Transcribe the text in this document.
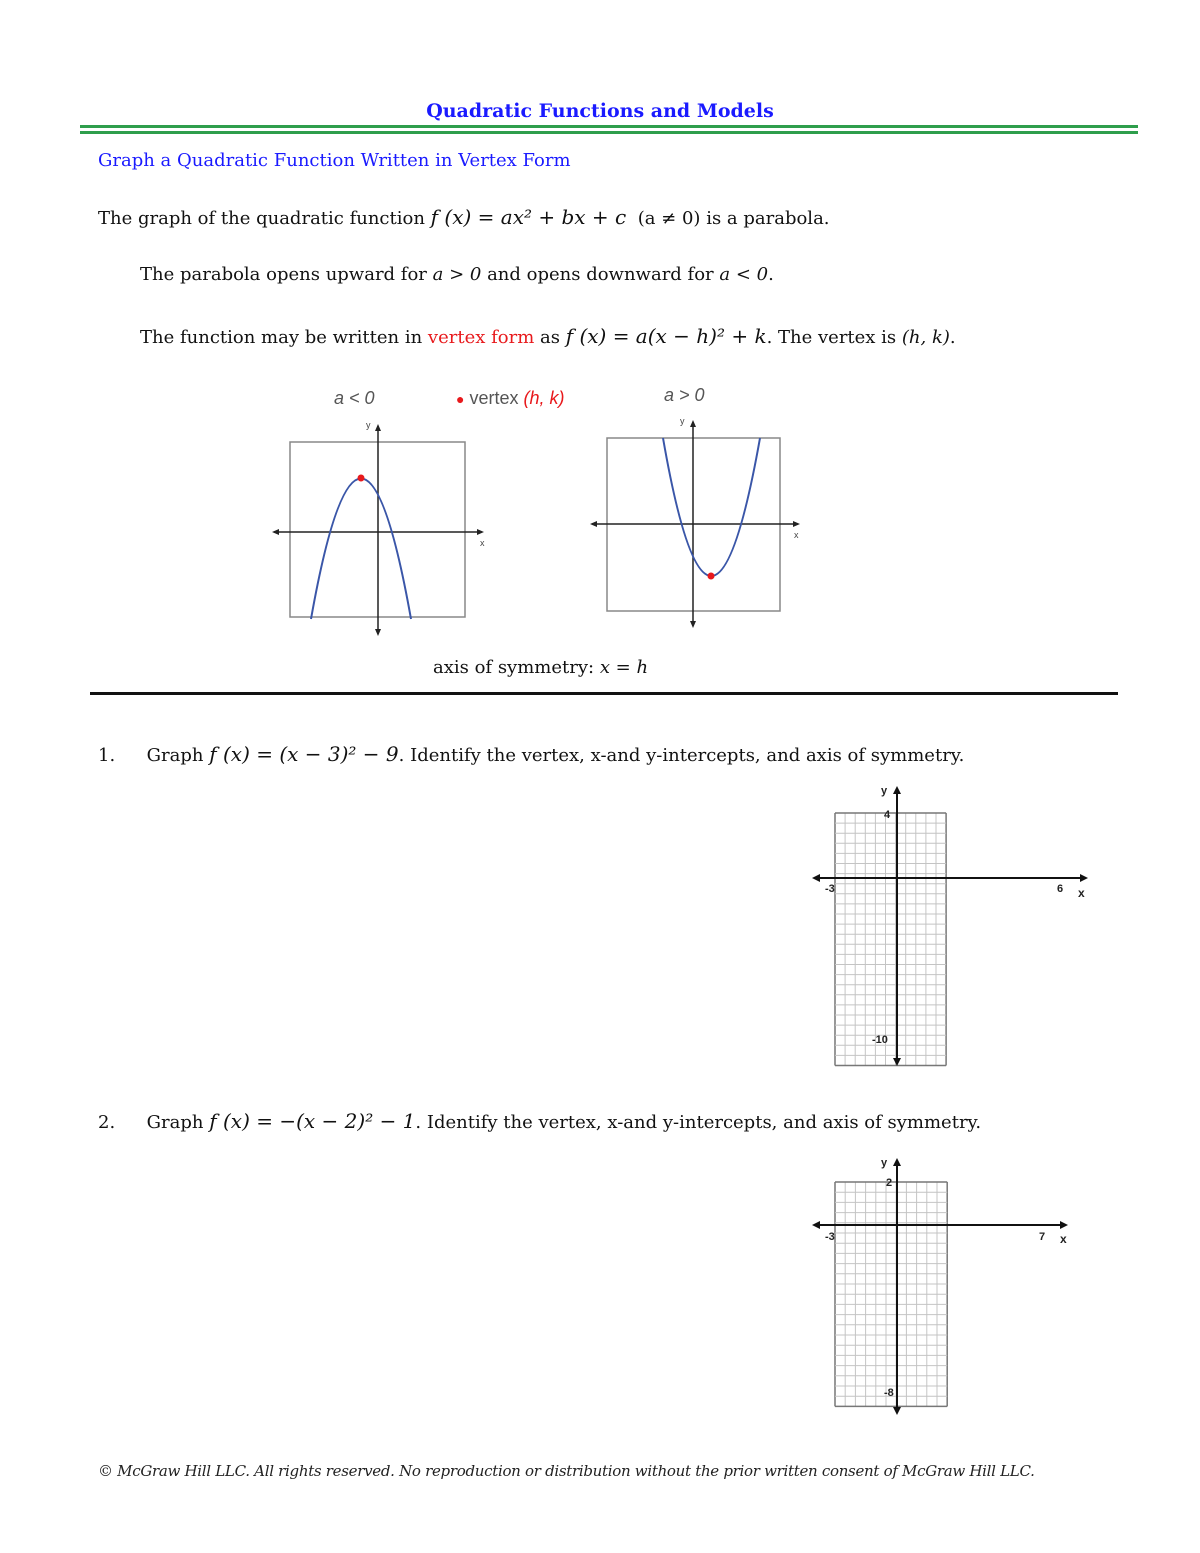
Quadratic Functions and Models
Graph a Quadratic Function Written in Vertex Form
The graph of the quadratic function f (x) = ax² + bx + c (a ≠ 0) is a parabola.
The parabola opens upward for a > 0 and opens downward for a < 0.
The function may be written in vertex form as f (x) = a(x − h)² + k. The vertex is (h, k).
a < 0	● vertex (h, k)	a > 0
y
x
y
x
axis of symmetry: x = h
1. Graph f (x) = (x − 3)² − 9. Identify the vertex, x-and y-intercepts, and axis of symmetry.
y
x
-3	6
4
-10
2. Graph f (x) = −(x − 2)² − 1. Identify the vertex, x-and y-intercepts, and axis of symmetry.
y
x
-3	7
2
-8
© McGraw Hill LLC. All rights reserved. No reproduction or distribution without the prior written consent of McGraw Hill LLC.
